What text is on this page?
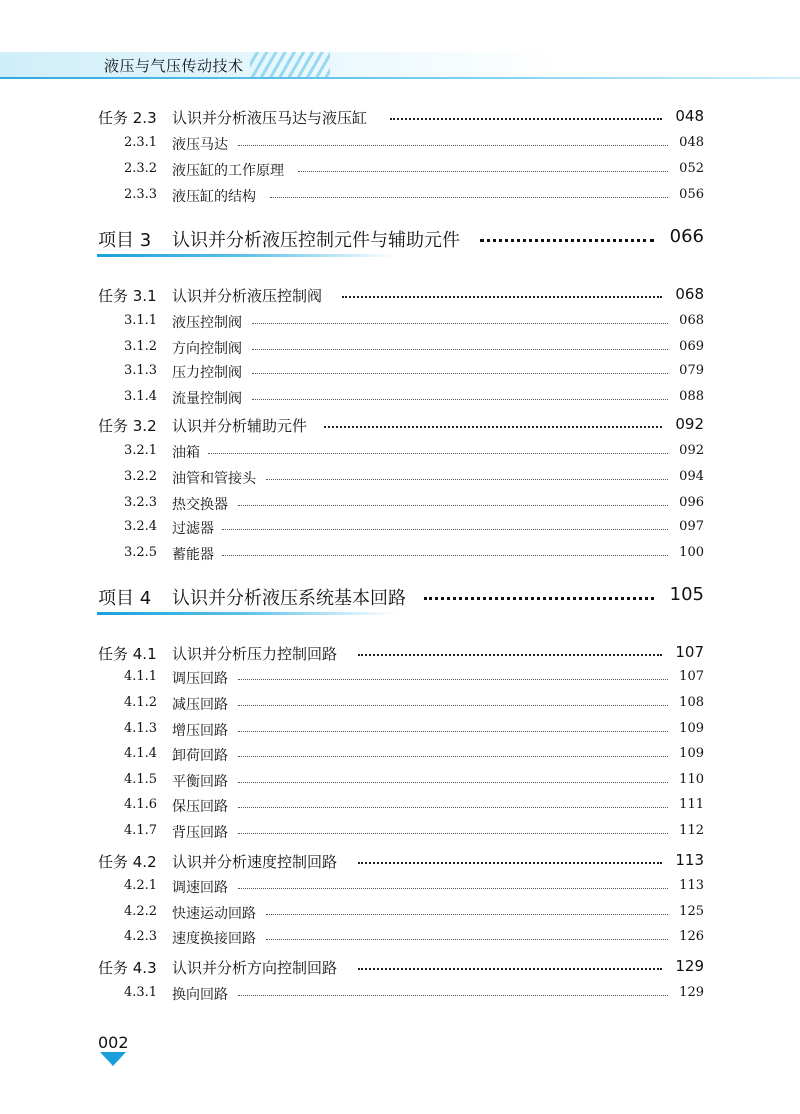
液压与气压传动技术
任务 2.3 认识并分析液压马达与液压缸	048
2.3.1 液压马达	048
2.3.2 液压缸的工作原理	052
2.3.3 液压缸的结构	056
项目 3 认识并分析液压控制元件与辅助元件	066
任务 3.1 认识并分析液压控制阀	068
3.1.1 液压控制阀	068
3.1.2 方向控制阀	069
3.1.3 压力控制阀	079
3.1.4 流量控制阀	088
任务 3.2 认识并分析辅助元件	092
3.2.1 油箱	092
3.2.2 油管和管接头	094
3.2.3 热交换器	096
3.2.4 过滤器	097
3.2.5 蓄能器	100
项目 4 认识并分析液压系统基本回路	105
任务 4.1 认识并分析压力控制回路	107
4.1.1 调压回路	107
4.1.2 减压回路	108
4.1.3 增压回路	109
4.1.4 卸荷回路	109
4.1.5 平衡回路	110
4.1.6 保压回路	111
4.1.7 背压回路	112
任务 4.2 认识并分析速度控制回路	113
4.2.1 调速回路	113
4.2.2 快速运动回路	125
4.2.3 速度换接回路	126
任务 4.3 认识并分析方向控制回路	129
4.3.1 换向回路	129
002
